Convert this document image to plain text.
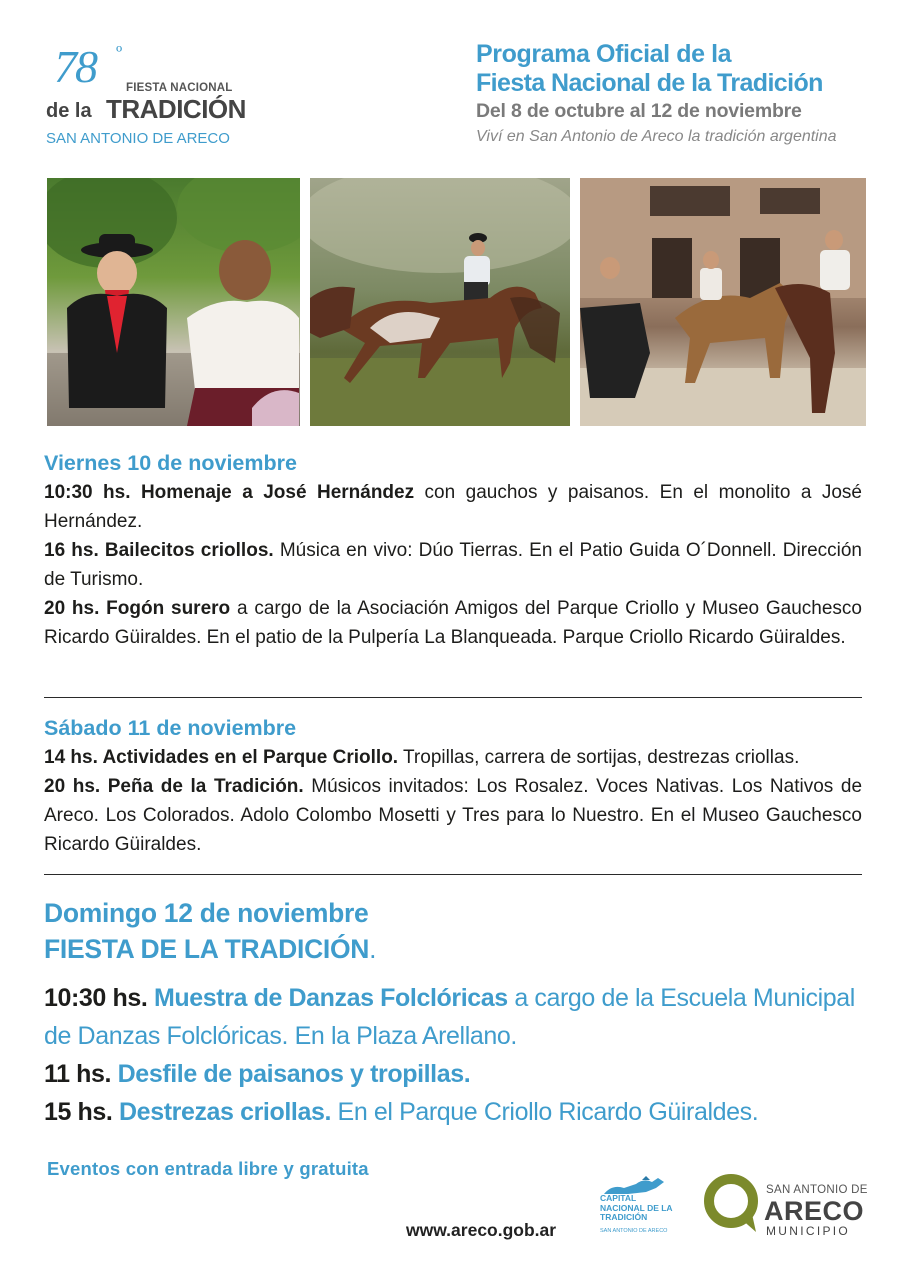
78 º
FIESTA NACIONAL
de la TRADICIÓN
SAN ANTONIO DE ARECO
Programa Oficial de la
Fiesta Nacional de la Tradición
Del 8 de octubre al 12 de noviembre
Viví en San Antonio de Areco la tradición argentina
Viernes 10 de noviembre
10:30 hs. Homenaje a José Hernández con gauchos y paisanos. En el monolito a José Hernández.
16 hs. Bailecitos criollos. Música en vivo: Dúo Tierras. En el Patio Guida O´Donnell. Dirección de Turismo.
20 hs. Fogón surero a cargo de la Asociación Amigos del Parque Criollo y Museo Gauchesco Ricardo Güiraldes. En el patio de la Pulpería La Blanqueada. Parque Criollo Ricardo Güiraldes.
Sábado 11 de noviembre
14 hs. Actividades en el Parque Criollo. Tropillas, carrera de sortijas, destrezas criollas.
20 hs. Peña de la Tradición. Músicos invitados: Los Rosalez. Voces Nativas. Los Nativos de Areco. Los Colorados. Adolo Colombo Mosetti y Tres para lo Nuestro. En el Museo Gauchesco Ricardo Güiraldes.
Domingo 12 de noviembre
FIESTA DE LA TRADICIÓN.
10:30 hs. Muestra de Danzas Folclóricas a cargo de la Escuela Municipal de Danzas Folclóricas. En la Plaza Arellano.
11 hs. Desfile de paisanos y tropillas.
15 hs. Destrezas criollas. En el Parque Criollo Ricardo Güiraldes.
Eventos con entrada libre y gratuita
www.areco.gob.ar
CAPITAL NACIONAL DE LA TRADICIÓN
SAN ANTONIO DE ARECO
SAN ANTONIO DE
ARECO
MUNICIPIO
